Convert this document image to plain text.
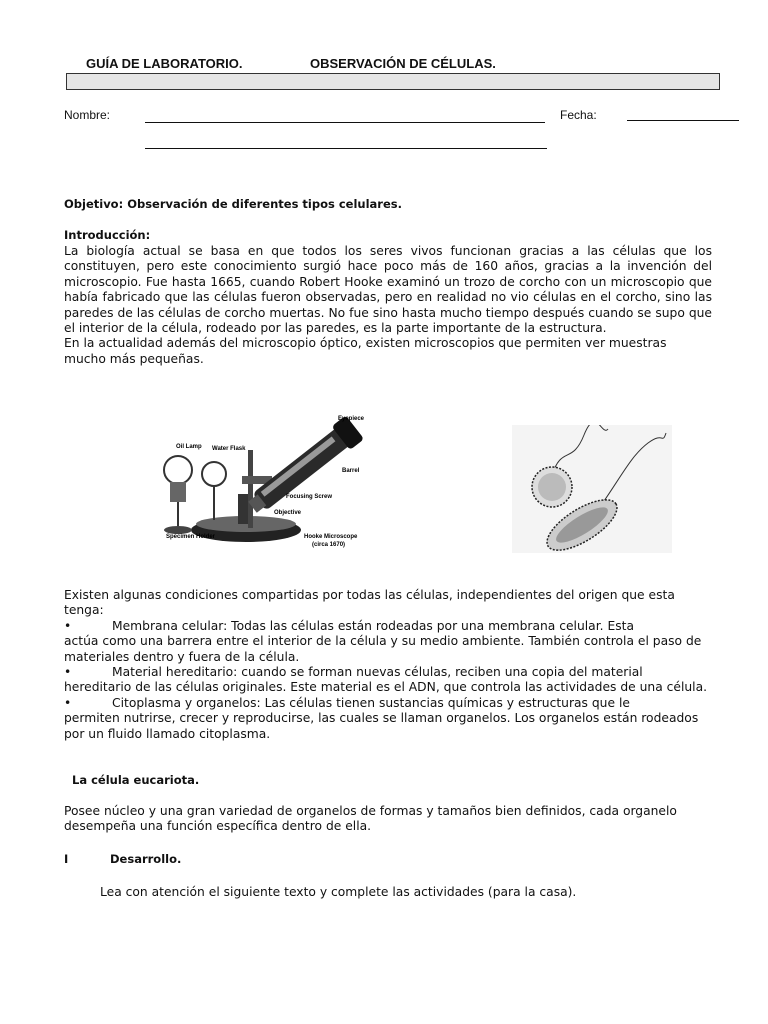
GUÍA DE LABORATORIO.	OBSERVACIÓN DE CÉLULAS.
Nombre:	Fecha:
Objetivo: Observación de diferentes tipos celulares.
Introducción:

La biología actual se basa en que todos los seres vivos funcionan gracias a las células que los constituyen, pero este conocimiento surgió hace poco más de 160 años, gracias a la invención del microscopio. Fue hasta 1665, cuando Robert Hooke examinó un trozo de corcho con un microscopio que había fabricado que las células fueron observadas, pero en realidad no vio células en el corcho, sino las paredes de las células de corcho muertas. No fue sino hasta mucho tiempo después cuando se supo que el interior de la célula, rodeado por las paredes, es la parte importante de la estructura.

En la actualidad además del microscopio óptico, existen microscopios que permiten ver muestras mucho más pequeñas.

Eyepiece
Oil Lamp Water Flask
Barrel
Focusing Screw
Objective
Specimen Holder	Hooke Microscope
(circa 1670)

Existen algunas condiciones compartidas por todas las células, independientes del origen que esta tenga:

•	Membrana celular: Todas las células están rodeadas por una membrana celular. Esta

actúa como una barrera entre el interior de la célula y su medio ambiente. También controla el paso de materiales dentro y fuera de la célula.

•	Material hereditario: cuando se forman nuevas células, reciben una copia del material

hereditario de las células originales. Este material es el ADN, que controla las actividades de una célula.

•	Citoplasma y organelos: Las células tienen sustancias químicas y estructuras que le

permiten nutrirse, crecer y reproducirse, las cuales se llaman organelos. Los organelos están rodeados por un fluido llamado citoplasma.

La célula eucariota.
Posee núcleo y una gran variedad de organelos de formas y tamaños bien definidos, cada organelo desempeña una función específica dentro de ella.
I	Desarrollo.
Lea con atención el siguiente texto y complete las actividades (para la casa).
